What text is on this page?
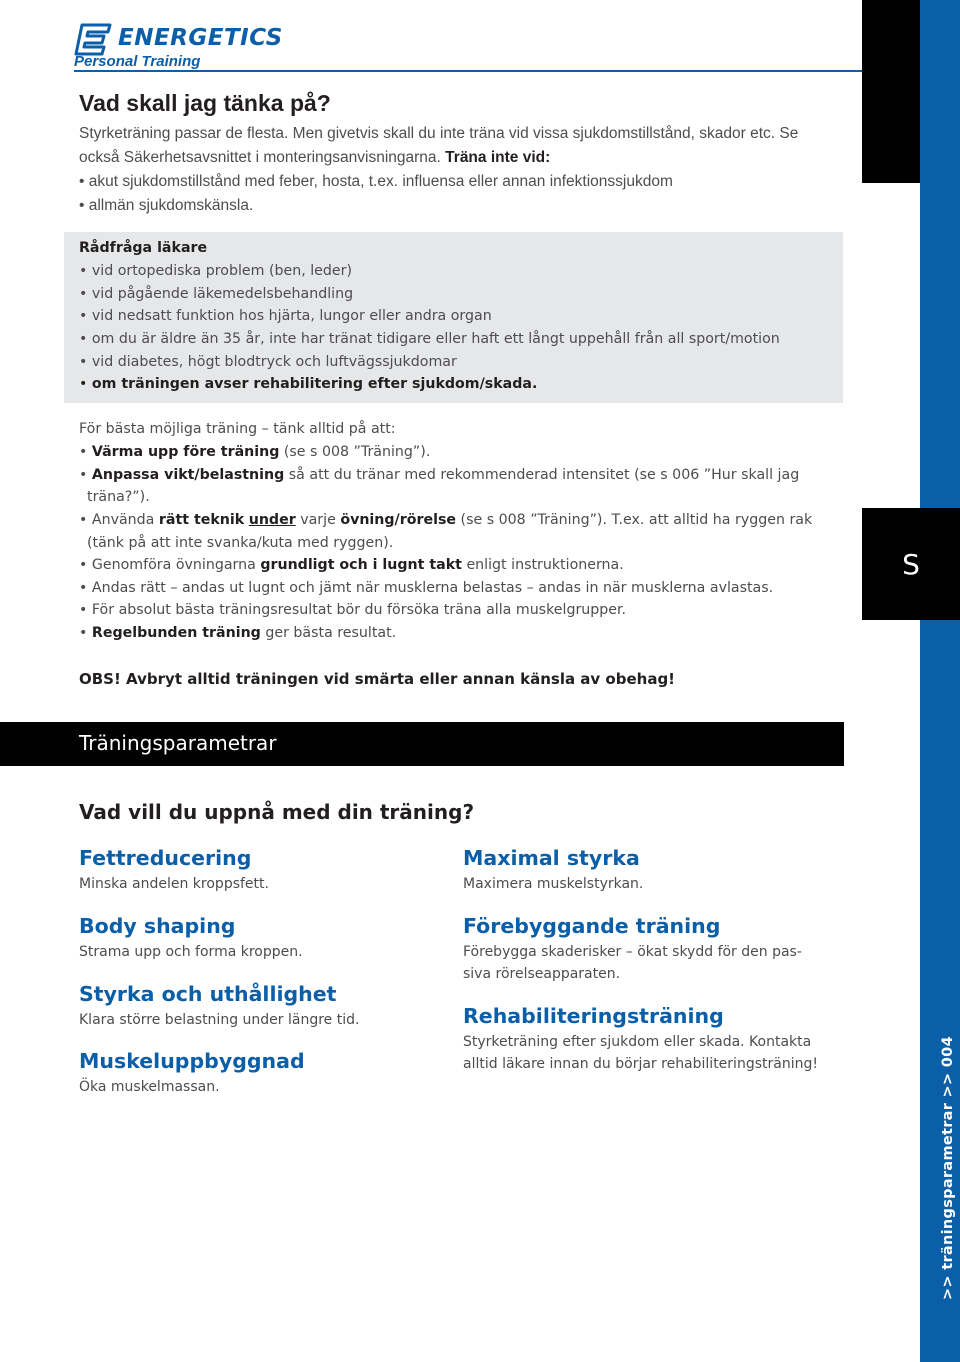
S
>> träningsparametrar >> 004
ENERGETICS
Personal Training
Vad skall jag tänka på?
Styrketräning passar de flesta. Men givetvis skall du inte träna vid vissa sjukdomstillstånd, skador etc. Se
också Säkerhetsavsnittet i monteringsanvisningarna. Träna inte vid:
• akut sjukdomstillstånd med feber, hosta, t.ex. influensa eller annan infektionssjukdom
• allmän sjukdomskänsla.
Rådfråga läkare
• vid ortopediska problem (ben, leder)
• vid pågående läkemedelsbehandling
• vid nedsatt funktion hos hjärta, lungor eller andra organ
• om du är äldre än 35 år, inte har tränat tidigare eller haft ett långt uppehåll från all sport/motion
• vid diabetes, högt blodtryck och luftvägssjukdomar
• om träningen avser rehabilitering efter sjukdom/skada.
För bästa möjliga träning – tänk alltid på att:
• Värma upp före träning (se s 008 ”Träning”).
• Anpassa vikt/belastning så att du tränar med rekommenderad intensitet (se s 006 ”Hur skall jag
träna?”).
• Använda rätt teknik under varje övning/rörelse (se s 008 ”Träning”). T.ex. att alltid ha ryggen rak
(tänk på att inte svanka/kuta med ryggen).
• Genomföra övningarna grundligt och i lugnt takt enligt instruktionerna.
• Andas rätt – andas ut lugnt och jämt när musklerna belastas – andas in när musklerna avlastas.
• För absolut bästa träningsresultat bör du försöka träna alla muskelgrupper.
• Regelbunden träning ger bästa resultat.
OBS! Avbryt alltid träningen vid smärta eller annan känsla av obehag!
Träningsparametrar
Vad vill du uppnå med din träning?
Fettreducering
Minska andelen kroppsfett.
Body shaping
Strama upp och forma kroppen.
Styrka och uthållighet
Klara större belastning under längre tid.
Muskeluppbyggnad
Öka muskelmassan.
Maximal styrka
Maximera muskelstyrkan.
Förebyggande träning
Förebygga skaderisker – ökat skydd för den pas-
siva rörelseapparaten.
Rehabiliteringsträning
Styrketräning efter sjukdom eller skada. Kontakta
alltid läkare innan du börjar rehabiliteringsträning!
